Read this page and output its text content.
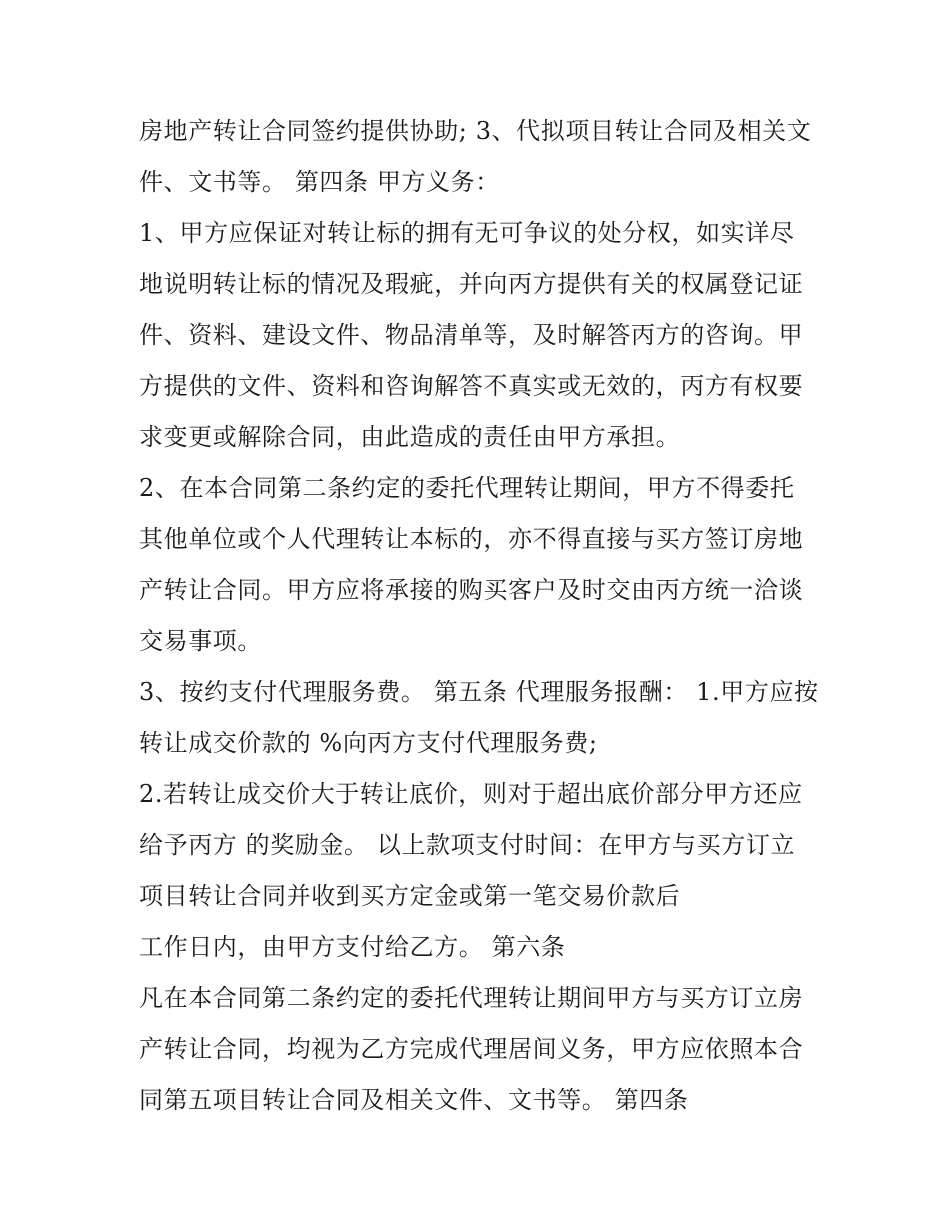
房地产转让合同签约提供协助; 3、代拟项目转让合同及相关文
件、文书等。 第四条 甲方义务：
1、甲方应保证对转让标的拥有无可争议的处分权，如实详尽
地说明转让标的情况及瑕疵，并向丙方提供有关的权属登记证
件、资料、建设文件、物品清单等，及时解答丙方的咨询。甲
方提供的文件、资料和咨询解答不真实或无效的，丙方有权要
求变更或解除合同，由此造成的责任由甲方承担。
2、在本合同第二条约定的委托代理转让期间，甲方不得委托
其他单位或个人代理转让本标的，亦不得直接与买方签订房地
产转让合同。甲方应将承接的购买客户及时交由丙方统一洽谈
交易事项。
3、按约支付代理服务费。 第五条 代理服务报酬： 1.甲方应按
转让成交价款的 %向丙方支付代理服务费;
2.若转让成交价大于转让底价，则对于超出底价部分甲方还应
给予丙方 的奖励金。 以上款项支付时间：在甲方与买方订立
项目转让合同并收到买方定金或第一笔交易价款后
工作日内，由甲方支付给乙方。 第六条
凡在本合同第二条约定的委托代理转让期间甲方与买方订立房
产转让合同，均视为乙方完成代理居间义务，甲方应依照本合
同第五项目转让合同及相关文件、文书等。 第四条
